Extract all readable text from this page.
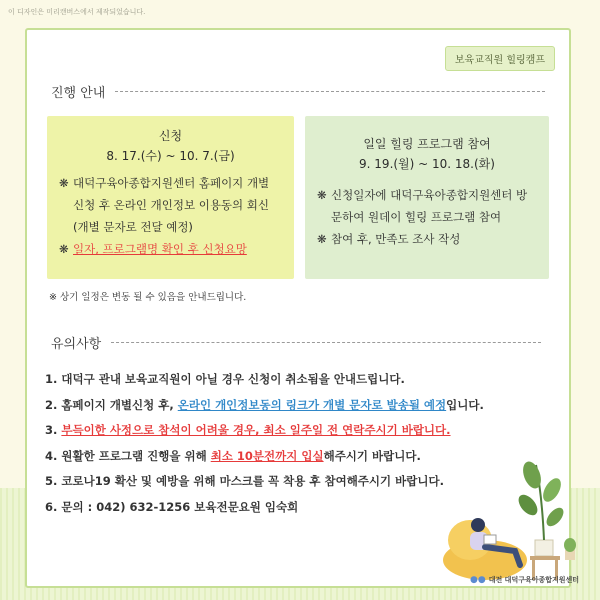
이 디자인은 미리캔버스에서 제작되었습니다.
보육교직원 힐링캠프
진행 안내
신청
8. 17.(수) ~ 10. 7.(금)
❋ 대덕구육아종합지원센터 홈페이지 개별 신청 후 온라인 개인정보 이용동의 회신 (개별 문자로 전달 예정)
❋ 일자, 프로그램명 확인 후 신청요망
일일 힐링 프로그램 참여
9. 19.(월) ~ 10. 18.(화)
❋ 신청일자에 대덕구육아종합지원센터 방문하여 원데이 힐링 프로그램 참여
❋ 참여 후, 만족도 조사 작성
※ 상기 일정은 변동 될 수 있음을 안내드립니다.
유의사항
1. 대덕구 관내 보육교직원이 아닐 경우 신청이 취소됨을 안내드립니다.
2. 홈페이지 개별신청 후, 온라인 개인정보동의 링크가 개별 문자로 발송될 예정입니다.
3. 부득이한 사정으로 참석이 어려울 경우, 최소 일주일 전 연락주시기 바랍니다.
4. 원활한 프로그램 진행을 위해 최소 10분전까지 입실해주시기 바랍니다.
5. 코로나19 확산 및 예방을 위해 마스크를 꼭 착용 후 참여해주시기 바랍니다.
6. 문의 : 042) 632-1256 보육전문요원 임숙희
●● 대전 대덕구육아종합지원센터
